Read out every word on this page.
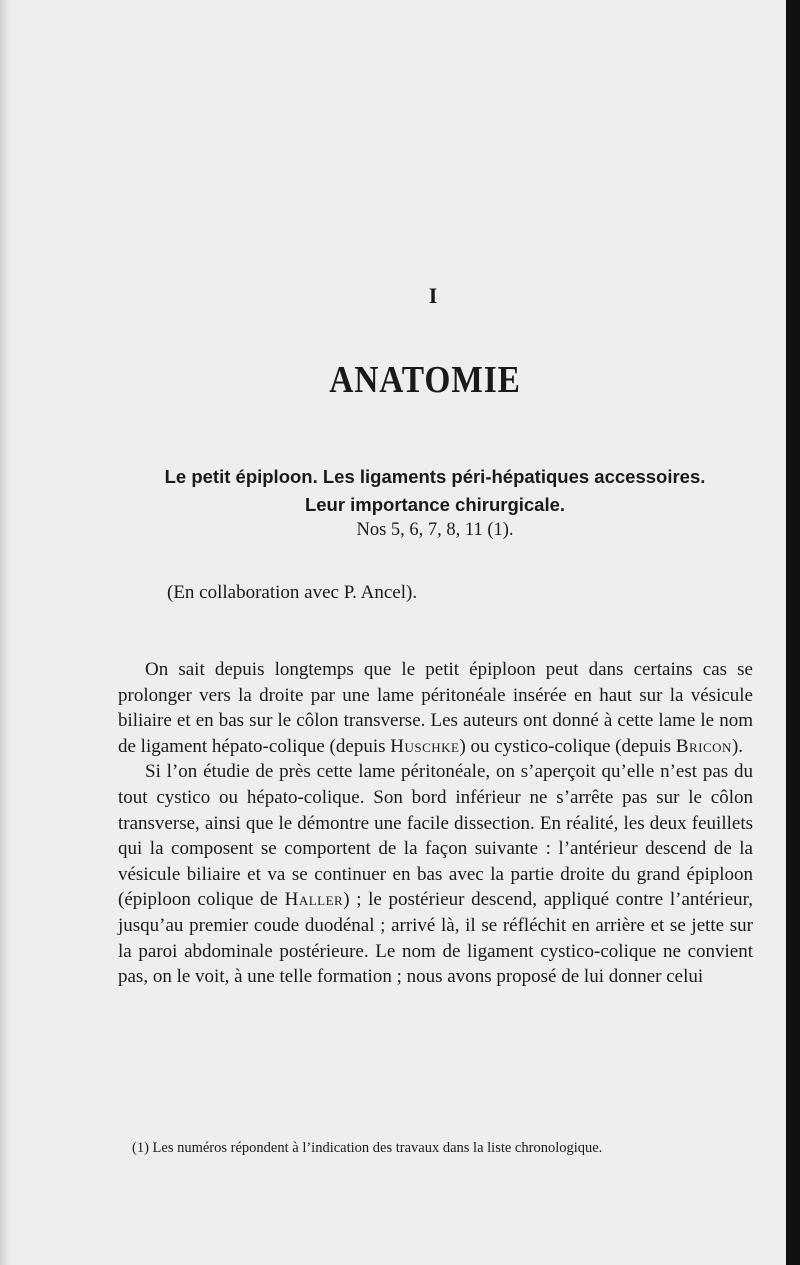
I
ANATOMIE
Le petit épiploon. Les ligaments péri-hépatiques accessoires.
Leur importance chirurgicale.
Nos 5, 6, 7, 8, 11 (1).
(En collaboration avec P. Ancel).

On sait depuis longtemps que le petit épiploon peut dans certains cas se prolonger vers la droite par une lame péritonéale insérée en haut sur la vésicule biliaire et en bas sur le côlon transverse. Les auteurs ont donné à cette lame le nom de ligament hépato-colique (depuis Huschke) ou cystico-colique (depuis Bricon).

Si l’on étudie de près cette lame péritonéale, on s’aperçoit qu’elle n’est pas du tout cystico ou hépato-colique. Son bord inférieur ne s’arrête pas sur le côlon transverse, ainsi que le démontre une facile dissection. En réalité, les deux feuillets qui la composent se comportent de la façon suivante : l’antérieur descend de la vésicule biliaire et va se continuer en bas avec la partie droite du grand épiploon (épiploon colique de Haller) ; le postérieur descend, appliqué contre l’antérieur, jusqu’au premier coude duodénal ; arrivé là, il se réfléchit en arrière et se jette sur la paroi abdominale postérieure. Le nom de ligament cystico-colique ne convient pas, on le voit, à une telle formation ; nous avons proposé de lui donner celui

(1) Les numéros répondent à l’indication des travaux dans la liste chronologique.
